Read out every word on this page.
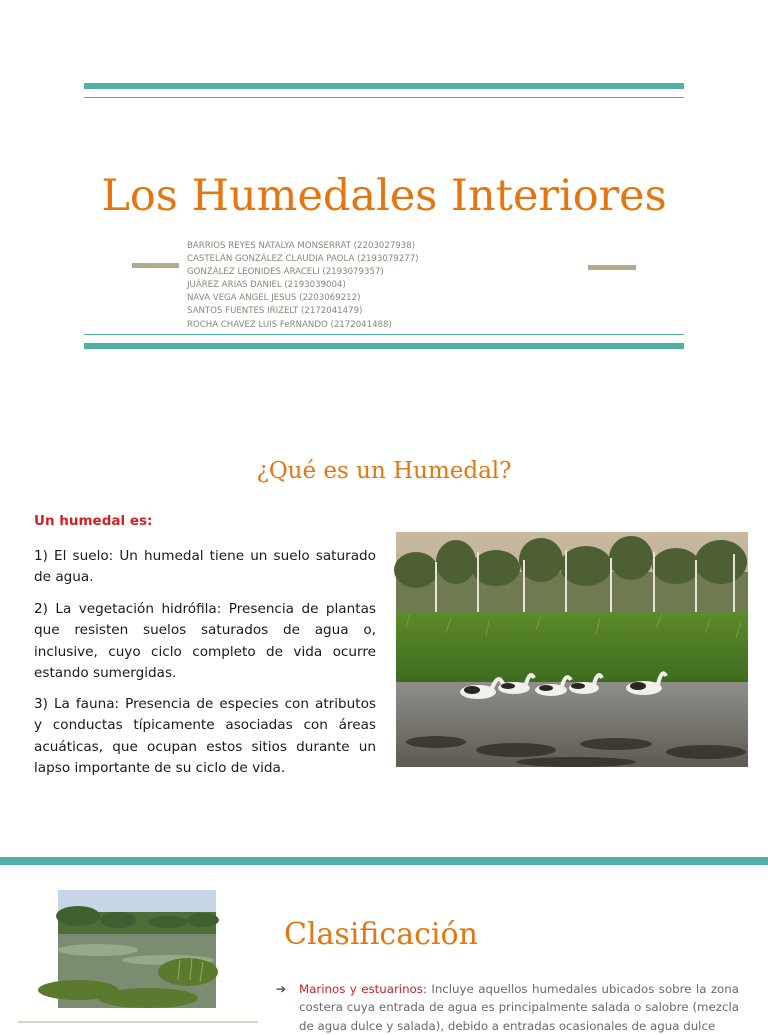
Los Humedales Interiores
BARRIOS REYES NATALYA MONSERRAT (2203027938)
CASTELÁN GONZÁLEZ CLAUDIA PAOLA (2193079277)
GONZÁLEZ LEONIDES ARACELI (2193079357)
JUÁREZ ARIAS DANIEL (2193039004)
NAVA VEGA ANGEL JESUS (2203069212)
SANTOS FUENTES IRIZELT (2172041479)
ROCHA CHAVEZ LUIS FeRNANDO (2172041488)
¿Qué es un Humedal?
Un humedal es:
1) El suelo: Un humedal tiene un suelo saturado de agua.
2) La vegetación hidrófila: Presencia de plantas que resisten suelos saturados de agua o, inclusive, cuyo ciclo completo de vida ocurre estando sumergidas.
3) La fauna: Presencia de especies con atributos y conductas típicamente asociadas con áreas acuáticas, que ocupan estos sitios durante un lapso importante de su ciclo de vida.
Clasificación
➔ Marinos y estuarinos: Incluye aquellos humedales ubicados sobre la zona costera cuya entrada de agua es principalmente salada o salobre (mezcla de agua dulce y salada), debido a entradas ocasionales de agua dulce
